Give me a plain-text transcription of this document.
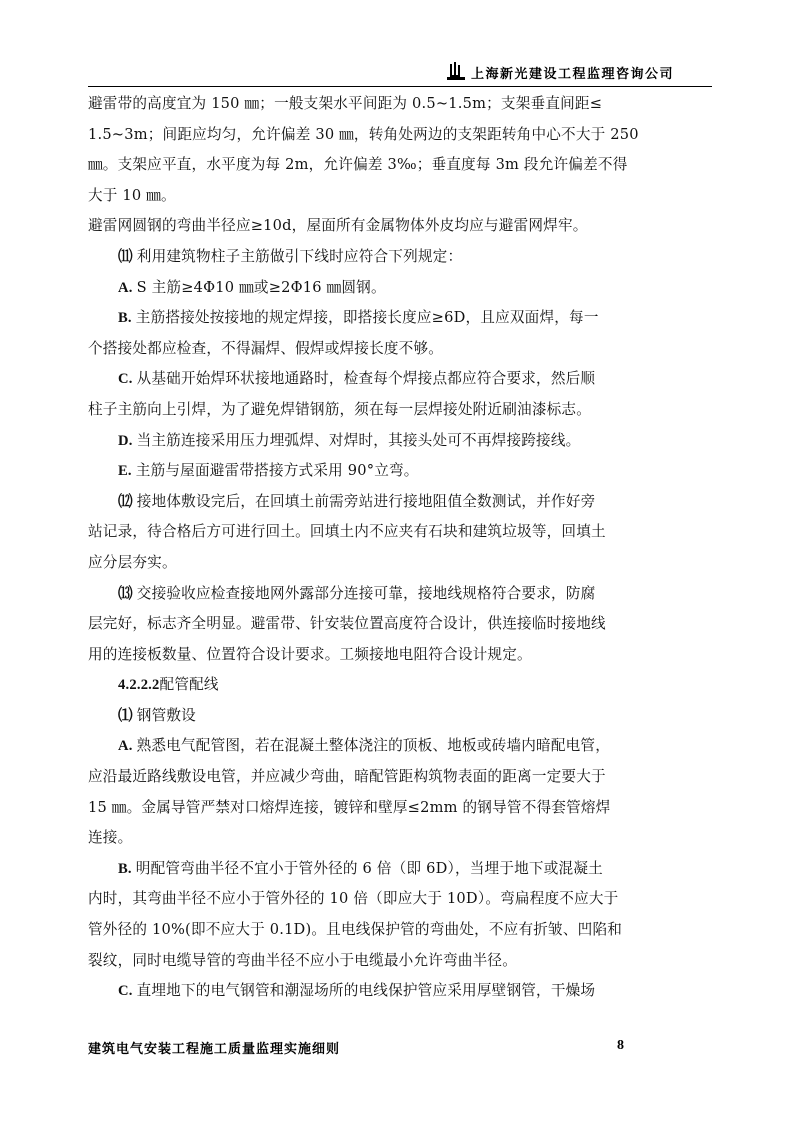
上海新光建设工程监理咨询公司
避雷带的高度宜为 150 ㎜；一般支架水平间距为 0.5~1.5m；支架垂直间距≤
1.5~3m；间距应均匀，允许偏差 30 ㎜，转角处两边的支架距转角中心不大于 250
㎜。支架应平直，水平度为每 2m，允许偏差 3‰；垂直度每 3m 段允许偏差不得
大于 10 ㎜。
避雷网圆钢的弯曲半径应≥10d，屋面所有金属物体外皮均应与避雷网焊牢。
⑾ 利用建筑物柱子主筋做引下线时应符合下列规定：
A. S 主筋≥4Φ10 ㎜或≥2Φ16 ㎜圆钢。
B. 主筋搭接处按接地的规定焊接，即搭接长度应≥6D，且应双面焊，每一
个搭接处都应检查，不得漏焊、假焊或焊接长度不够。
C. 从基础开始焊环状接地通路时，检查每个焊接点都应符合要求，然后顺
柱子主筋向上引焊，为了避免焊错钢筋，须在每一层焊接处附近刷油漆标志。
D. 当主筋连接采用压力埋弧焊、对焊时，其接头处可不再焊接跨接线。
E. 主筋与屋面避雷带搭接方式采用 90°立弯。
⑿ 接地体敷设完后，在回填土前需旁站进行接地阻值全数测试，并作好旁
站记录，待合格后方可进行回土。回填土内不应夹有石块和建筑垃圾等，回填土
应分层夯实。
⒀ 交接验收应检查接地网外露部分连接可靠，接地线规格符合要求，防腐
层完好，标志齐全明显。避雷带、针安装位置高度符合设计，供连接临时接地线
用的连接板数量、位置符合设计要求。工频接地电阻符合设计规定。
4.2.2.2配管配线
⑴ 钢管敷设
A. 熟悉电气配管图，若在混凝土整体浇注的顶板、地板或砖墙内暗配电管，
应沿最近路线敷设电管，并应减少弯曲，暗配管距构筑物表面的距离一定要大于
15 ㎜。金属导管严禁对口熔焊连接，镀锌和壁厚≤2mm 的钢导管不得套管熔焊
连接。
B. 明配管弯曲半径不宜小于管外径的 6 倍（即 6D），当埋于地下或混凝土
内时，其弯曲半径不应小于管外径的 10 倍（即应大于 10D）。弯扁程度不应大于
管外径的 10%(即不应大于 0.1D)。且电线保护管的弯曲处，不应有折皱、凹陷和
裂纹，同时电缆导管的弯曲半径不应小于电缆最小允许弯曲半径。
C. 直埋地下的电气钢管和潮湿场所的电线保护管应采用厚壁钢管，干燥场
建筑电气安装工程施工质量监理实施细则	8
